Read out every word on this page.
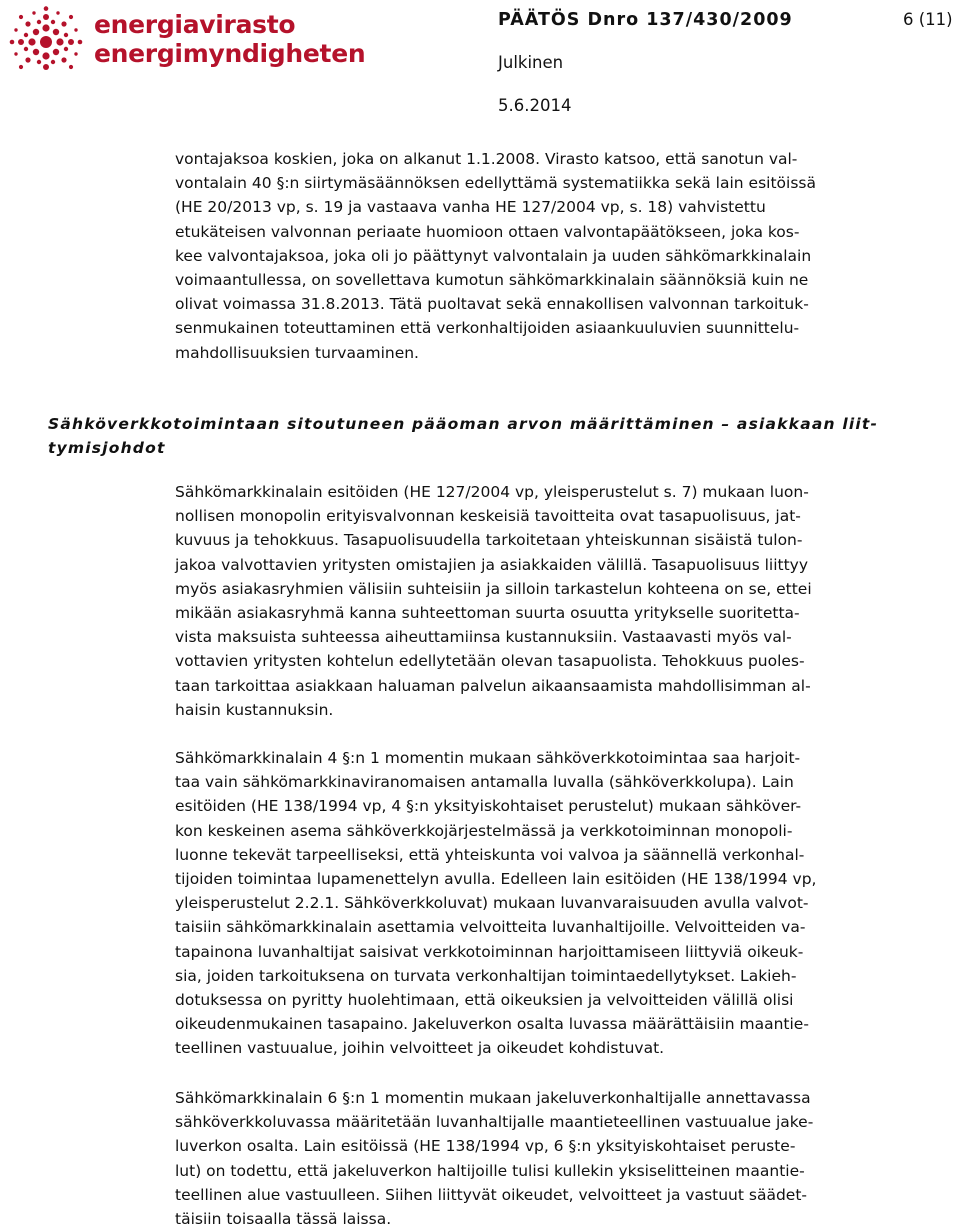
energiavirasto
energimyndigheten
PÄÄTÖS Dnro 137/430/2009	6 (11)
Julkinen
5.6.2014

vontajaksoa koskien, joka on alkanut 1.1.2008. Virasto katsoo, että sanotun val-
vontalain 40 §:n siirtymäsäännöksen edellyttämä systematiikka sekä lain esitöissä
(HE 20/2013 vp, s. 19 ja vastaava vanha HE 127/2004 vp, s. 18) vahvistettu
etukäteisen valvonnan periaate huomioon ottaen valvontapäätökseen, joka kos-
kee valvontajaksoa, joka oli jo päättynyt valvontalain ja uuden sähkömarkkinalain
voimaantullessa, on sovellettava kumotun sähkömarkkinalain säännöksiä kuin ne
olivat voimassa 31.8.2013. Tätä puoltavat sekä ennakollisen valvonnan tarkoituk-
senmukainen toteuttaminen että verkonhaltijoiden asiaankuuluvien suunnittelu-
mahdollisuuksien turvaaminen.

Sähköverkkotoimintaan sitoutuneen pääoman arvon määrittäminen – asiakkaan liit-
tymisjohdot

Sähkömarkkinalain esitöiden (HE 127/2004 vp, yleisperustelut s. 7) mukaan luon-
nollisen monopolin erityisvalvonnan keskeisiä tavoitteita ovat tasapuolisuus, jat-
kuvuus ja tehokkuus. Tasapuolisuudella tarkoitetaan yhteiskunnan sisäistä tulon-
jakoa valvottavien yritysten omistajien ja asiakkaiden välillä. Tasapuolisuus liittyy
myös asiakasryhmien välisiin suhteisiin ja silloin tarkastelun kohteena on se, ettei
mikään asiakasryhmä kanna suhteettoman suurta osuutta yritykselle suoritetta-
vista maksuista suhteessa aiheuttamiinsa kustannuksiin. Vastaavasti myös val-
vottavien yritysten kohtelun edellytetään olevan tasapuolista. Tehokkuus puoles-
taan tarkoittaa asiakkaan haluaman palvelun aikaansaamista mahdollisimman al-
haisin kustannuksin.

Sähkömarkkinalain 4 §:n 1 momentin mukaan sähköverkkotoimintaa saa harjoit-
taa vain sähkömarkkinaviranomaisen antamalla luvalla (sähköverkkolupa). Lain
esitöiden (HE 138/1994 vp, 4 §:n yksityiskohtaiset perustelut) mukaan sähköver-
kon keskeinen asema sähköverkkojärjestelmässä ja verkkotoiminnan monopoli-
luonne tekevät tarpeelliseksi, että yhteiskunta voi valvoa ja säännellä verkonhal-
tijoiden toimintaa lupamenettelyn avulla. Edelleen lain esitöiden (HE 138/1994 vp,
yleisperustelut 2.2.1. Sähköverkkoluvat) mukaan luvanvaraisuuden avulla valvot-
taisiin sähkömarkkinalain asettamia velvoitteita luvanhaltijoille. Velvoitteiden va-
tapainona luvanhaltijat saisivat verkkotoiminnan harjoittamiseen liittyviä oikeuk-
sia, joiden tarkoituksena on turvata verkonhaltijan toimintaedellytykset. Lakieh-
dotuksessa on pyritty huolehtimaan, että oikeuksien ja velvoitteiden välillä olisi
oikeudenmukainen tasapaino. Jakeluverkon osalta luvassa määrättäisiin maantie-
teellinen vastuualue, joihin velvoitteet ja oikeudet kohdistuvat.

Sähkömarkkinalain 6 §:n 1 momentin mukaan jakeluverkonhaltijalle annettavassa
sähköverkkoluvassa määritetään luvanhaltijalle maantieteellinen vastuualue jake-
luverkon osalta. Lain esitöissä (HE 138/1994 vp, 6 §:n yksityiskohtaiset peruste-
lut) on todettu, että jakeluverkon haltijoille tulisi kullekin yksiselitteinen maantie-
teellinen alue vastuulleen. Siihen liittyvät oikeudet, velvoitteet ja vastuut säädet-
täisiin toisaalla tässä laissa.
